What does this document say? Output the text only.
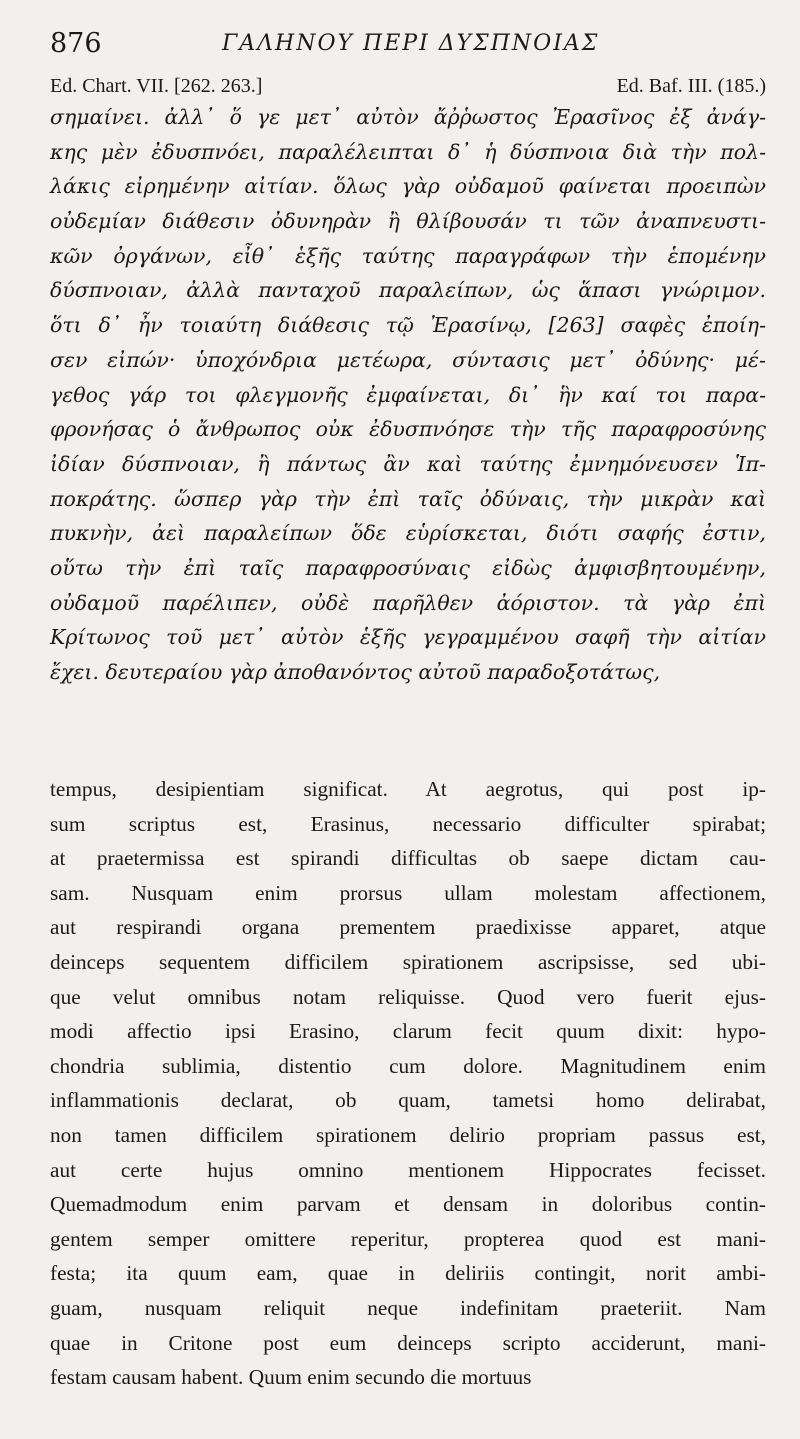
876	ΓΑΛΗΝΟΥ ΠΕΡΙ ΔΥΣΠΝΟΙΑΣ
Ed. Chart. VII. [262. 263.]	Ed. Baf. III. (185.)
σημαίνει. ἀλλ᾽ ὅ γε μετ᾽ αὐτὸν ἄῤῥωστος Ἐρασῖνος ἐξ ἀνάγ-
κης μὲν ἐδυσπνόει, παραλέλειπται δ᾽ ἡ δύσπνοια διὰ τὴν πολ-
λάκις εἰρημένην αἰτίαν. ὅλως γὰρ οὐδαμοῦ φαίνεται προειπὼν
οὐδεμίαν διάθεσιν ὀδυνηρὰν ἢ θλίβουσάν τι τῶν ἀναπνευστι-
κῶν ὀργάνων, εἶθ᾽ ἑξῆς ταύτης παραγράφων τὴν ἑπομένην
δύσπνοιαν, ἀλλὰ πανταχοῦ παραλείπων, ὡς ἅπασι γνώριμον.
ὅτι δ᾽ ἦν τοιαύτη διάθεσις τῷ Ἐρασίνῳ, [263] σαφὲς ἐποίη-
σεν εἰπών· ὑποχόνδρια μετέωρα, σύντασις μετ᾽ ὀδύνης· μέ-
γεθος γάρ τοι φλεγμονῆς ἐμφαίνεται, δι᾽ ἣν καί τοι παρα-
φρονήσας ὁ ἄνθρωπος οὐκ ἐδυσπνόησε τὴν τῆς παραφροσύνης
ἰδίαν δύσπνοιαν, ἢ πάντως ἂν καὶ ταύτης ἐμνημόνευσεν Ἱπ-
ποκράτης. ὥσπερ γὰρ τὴν ἐπὶ ταῖς ὀδύναις, τὴν μικρὰν καὶ
πυκνὴν, ἀεὶ παραλείπων ὅδε εὑρίσκεται, διότι σαφής ἐστιν,
οὕτω τὴν ἐπὶ ταῖς παραφροσύναις εἰδὼς ἀμφισβητουμένην,
οὐδαμοῦ παρέλιπεν, οὐδὲ παρῆλθεν ἀόριστον. τὰ γὰρ ἐπὶ
Κρίτωνος τοῦ μετ᾽ αὐτὸν ἑξῆς γεγραμμένου σαφῆ τὴν αἰτίαν
ἔχει. δευτεραίου γὰρ ἀποθανόντος αὐτοῦ παραδοξοτάτως,
tempus, desipientiam significat. At aegrotus, qui post ip-
sum scriptus est, Erasinus, necessario difficulter spirabat;
at praetermissa est spirandi difficultas ob saepe dictam cau-
sam. Nusquam enim prorsus ullam molestam affectionem,
aut respirandi organa prementem praedixisse apparet, atque
deinceps sequentem difficilem spirationem ascripsisse, sed ubi-
que velut omnibus notam reliquisse. Quod vero fuerit ejus-
modi affectio ipsi Erasino, clarum fecit quum dixit: hypo-
chondria sublimia, distentio cum dolore. Magnitudinem enim
inflammationis declarat, ob quam, tametsi homo delirabat,
non tamen difficilem spirationem delirio propriam passus est,
aut certe hujus omnino mentionem Hippocrates fecisset.
Quemadmodum enim parvam et densam in doloribus contin-
gentem semper omittere reperitur, propterea quod est mani-
festa; ita quum eam, quae in deliriis contingit, norit ambi-
guam, nusquam reliquit neque indefinitam praeteriit. Nam
quae in Critone post eum deinceps scripto acciderunt, mani-
festam causam habent. Quum enim secundo die mortuus
